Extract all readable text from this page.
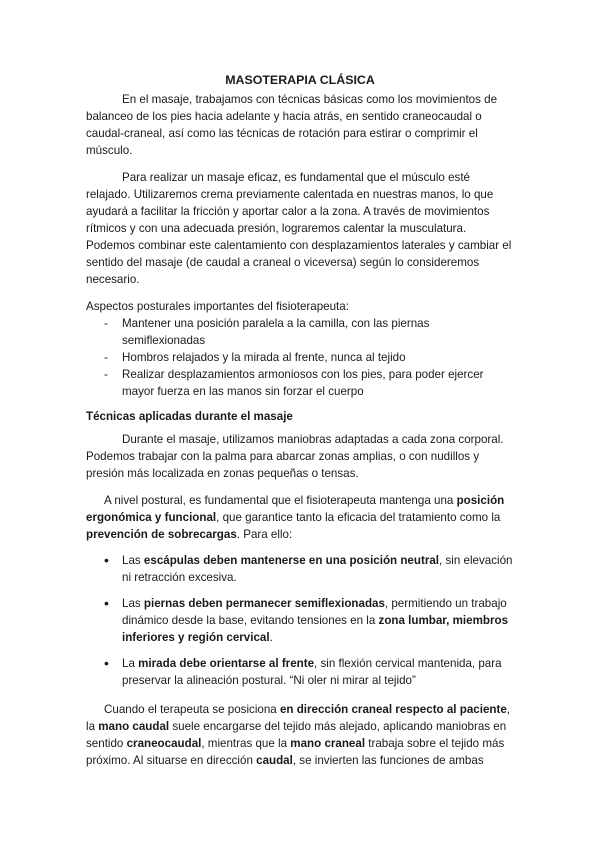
MASOTERAPIA CLÁSICA

En el masaje, trabajamos con técnicas básicas como los movimientos de balanceo de los pies hacia adelante y hacia atrás, en sentido craneocaudal o caudal-craneal, así como las técnicas de rotación para estirar o comprimir el músculo.

Para realizar un masaje eficaz, es fundamental que el músculo esté relajado. Utilizaremos crema previamente calentada en nuestras manos, lo que ayudará a facilitar la fricción y aportar calor a la zona. A través de movimientos rítmicos y con una adecuada presión, lograremos calentar la musculatura. Podemos combinar este calentamiento con desplazamientos laterales y cambiar el sentido del masaje (de caudal a craneal o viceversa) según lo consideremos necesario.

Aspectos posturales importantes del fisioterapeuta:

- Mantener una posición paralela a la camilla, con las piernas semiflexionadas
- Hombros relajados y la mirada al frente, nunca al tejido
- Realizar desplazamientos armoniosos con los pies, para poder ejercer mayor fuerza en las manos sin forzar el cuerpo

Técnicas aplicadas durante el masaje

Durante el masaje, utilizamos maniobras adaptadas a cada zona corporal. Podemos trabajar con la palma para abarcar zonas amplias, o con nudillos y presión más localizada en zonas pequeñas o tensas.

A nivel postural, es fundamental que el fisioterapeuta mantenga una posición ergonómica y funcional, que garantice tanto la eficacia del tratamiento como la prevención de sobrecargas. Para ello:

• Las escápulas deben mantenerse en una posición neutral, sin elevación ni retracción excesiva.
• Las piernas deben permanecer semiflexionadas, permitiendo un trabajo dinámico desde la base, evitando tensiones en la zona lumbar, miembros inferiores y región cervical.
• La mirada debe orientarse al frente, sin flexión cervical mantenida, para preservar la alineación postural. “Ni oler ni mirar al tejido”

Cuando el terapeuta se posiciona en dirección craneal respecto al paciente, la mano caudal suele encargarse del tejido más alejado, aplicando maniobras en sentido craneocaudal, mientras que la mano craneal trabaja sobre el tejido más próximo. Al situarse en dirección caudal, se invierten las funciones de ambas
